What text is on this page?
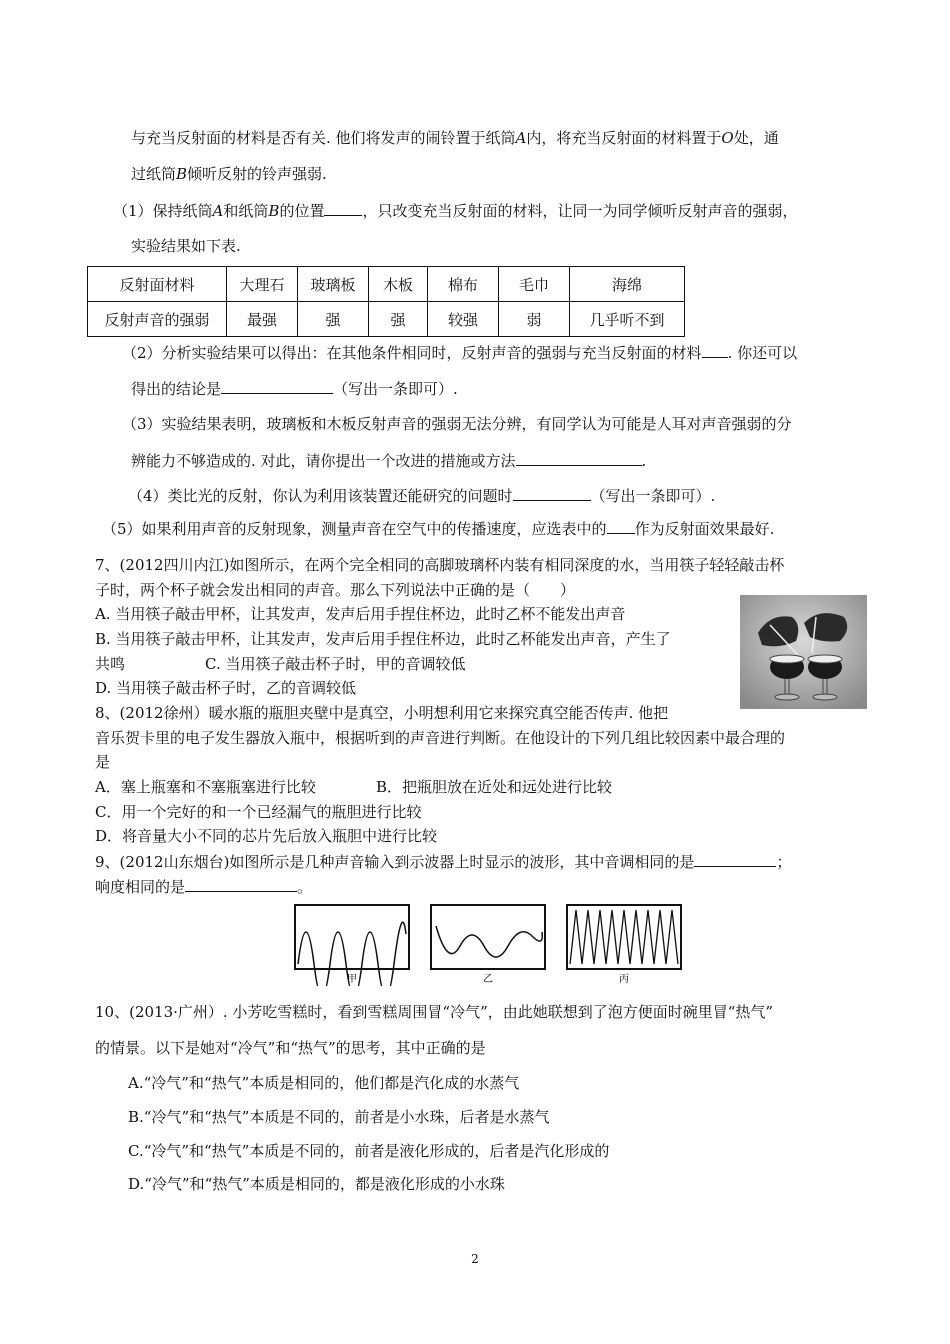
与充当反射面的材料是否有关. 他们将发声的闹铃置于纸筒A内，将充当反射面的材料置于O处，通
过纸筒B倾听反射的铃声强弱.
（1）保持纸筒A和纸筒B的位置	，只改变充当反射面的材料，让同一为同学倾听反射声音的强弱，
实验结果如下表.
反射面材料	大理石	玻璃板	木板	棉布	毛巾	海绵
反射声音的强弱	最强	强	强	较强	弱	几乎听不到
（2）分析实验结果可以得出：在其他条件相同时，反射声音的强弱与充当反射面的材料 . 你还可以
得出的结论是	（写出一条即可）.
（3）实验结果表明，玻璃板和木板反射声音的强弱无法分辨，有同学认为可能是人耳对声音强弱的分
辨能力不够造成的. 对此，请你提出一个改进的措施或方法	.
（4）类比光的反射，你认为利用该装置还能研究的问题时	（写出一条即可）.
（5）如果利用声音的反射现象，测量声音在空气中的传播速度，应选表中的 作为反射面效果最好.
7、(2012四川内江)如图所示，在两个完全相同的高脚玻璃杯内装有相同深度的水，当用筷子轻轻敲击杯
子时，两个杯子就会发出相同的声音。那么下列说法中正确的是（　　）
A. 当用筷子敲击甲杯，让其发声，发声后用手捏住杯边，此时乙杯不能发出声音
B. 当用筷子敲击甲杯，让其发声，发声后用手捏住杯边，此时乙杯能发出声音，产生了
共鸣	C. 当用筷子敲击杯子时，甲的音调较低
D. 当用筷子敲击杯子时，乙的音调较低
8、(2012徐州）暖水瓶的瓶胆夹壁中是真空，小明想利用它来探究真空能否传声. 他把
音乐贺卡里的电子发生器放入瓶中，根据听到的声音进行判断。在他设计的下列几组比较因素中最合理的
是
A．塞上瓶塞和不塞瓶塞进行比较	B．把瓶胆放在近处和远处进行比较
C．用一个完好的和一个已经漏气的瓶胆进行比较
D．将音量大小不同的芯片先后放入瓶胆中进行比较
9、(2012山东烟台)如图所示是几种声音输入到示波器上时显示的波形，其中音调相同的是	；
响度相同的是	。
甲	乙	丙
10、(2013·广州）. 小芳吃雪糕时，看到雪糕周围冒“冷气”，由此她联想到了泡方便面时碗里冒“热气”
的情景。以下是她对“冷气”和“热气”的思考，其中正确的是
A.“冷气”和“热气”本质是相同的，他们都是汽化成的水蒸气
B.“冷气”和“热气”本质是不同的，前者是小水珠，后者是水蒸气
C.“冷气”和“热气”本质是不同的，前者是液化形成的，后者是汽化形成的
D.“冷气”和“热气”本质是相同的，都是液化形成的小水珠
2
